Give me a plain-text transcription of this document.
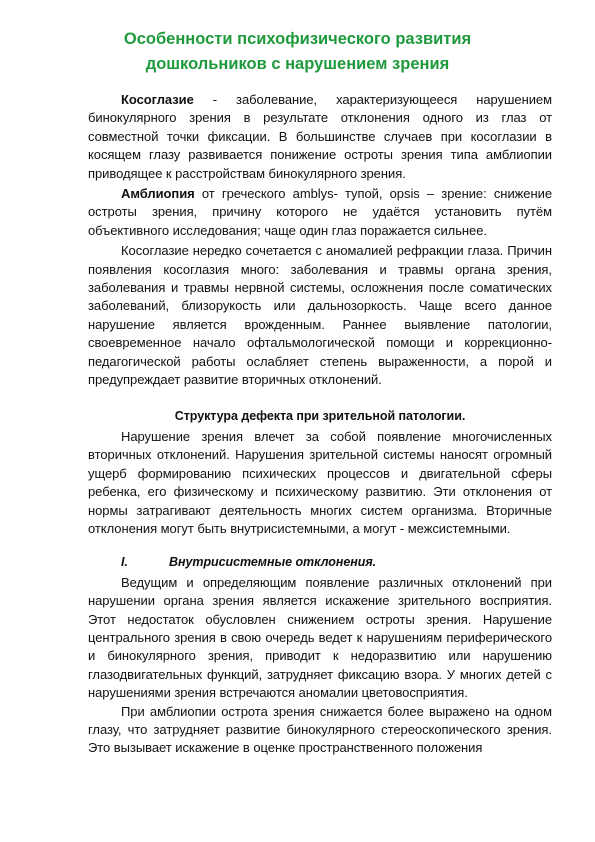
Особенности психофизического развития
дошкольников с нарушением зрения

Косоглазие - заболевание, характеризующееся нарушением бинокулярного зрения в результате отклонения одного из глаз от совместной точки фиксации. В большинстве случаев при косоглазии в косящем глазу развивается понижение остроты зрения типа амблиопии приводящее к расстройствам бинокулярного зрения.

Амблиопия от греческого amblys- тупой, opsis – зрение: снижение остроты зрения, причину которого не удаётся установить путём объективного исследования; чаще один глаз поражается сильнее.

Косоглазие нередко сочетается с аномалией рефракции глаза. Причин появления косоглазия много: заболевания и травмы органа зрения, заболевания и травмы нервной системы, осложнения после соматических заболеваний, близорукость или дальнозоркость. Чаще всего данное нарушение является врожденным. Раннее выявление патологии, своевременное начало офтальмологической помощи и коррекционно-педагогической работы ослабляет степень выраженности, а порой и предупреждает развитие вторичных отклонений.

Структура дефекта при зрительной патологии.

Нарушение зрения влечет за собой появление многочисленных вторичных отклонений. Нарушения зрительной системы наносят огромный ущерб формированию психических процессов и двигательной сферы ребенка, его физическому и психическому развитию. Эти отклонения от нормы затрагивают деятельность многих систем организма. Вторичные отклонения могут быть внутрисистемными, а могут - межсистемными.

I.	Внутрисистемные отклонения.

Ведущим и определяющим появление различных отклонений при нарушении органа зрения является искажение зрительного восприятия. Этот недостаток обусловлен снижением остроты зрения. Нарушение центрального зрения в свою очередь ведет к нарушениям периферического и бинокулярного зрения, приводит к недоразвитию или нарушению глазодвигательных функций, затрудняет фиксацию взора. У многих детей с нарушениями зрения встречаются аномалии цветовосприятия.

При амблиопии острота зрения снижается более выражено на одном глазу, что затрудняет развитие бинокулярного стереоскопического зрения. Это вызывает искажение в оценке пространственного положения
